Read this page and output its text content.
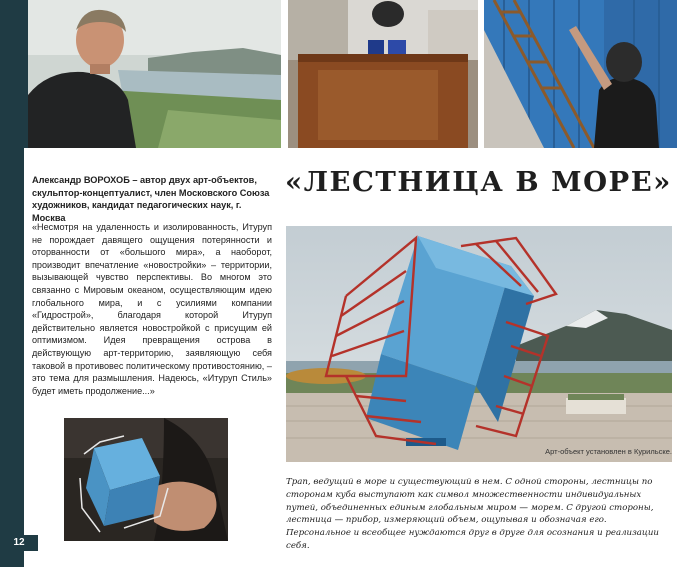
Александр ВОРОХОБ – автор двух арт-объектов, скульптор-концептуалист, член Московского Союза художников, кандидат педагогических наук, г. Москва
«Несмотря на удаленность и изолированность, Итуруп не порождает давящего ощущения потерянности и оторванности от «большого мира», а наоборот, производит впечатление «новостройки» – территории, вызывающей чувство перспективы. Во многом это связанно с Мировым океаном, осуществляющим идею глобального мира, и с усилиями компании «Гидрострой», благодаря которой Итуруп действительно является новостройкой с присущим ей оптимизмом. Идея превращения острова в действующую арт-территорию, заявляющую себя таковой в противовес политическому противостоянию, – это тема для размышления. Надеюсь, «Итуруп Стиль» будет иметь продолжение...»
«ЛЕСТНИЦА В МОРЕ»
Арт-объект установлен в Курильске.
Трап, ведущий в море и существующий в нем. С одной стороны, лестницы по сторонам куба выступают как символ множественности индивидуальных путей, объединенных единым глобальным миром — морем. С другой стороны, лестница — прибор, измеряющий объем, ощупывая и обозначая его. Персональное и всеобщее нуждаются друг в друге для осознания и реализации себя.
12
